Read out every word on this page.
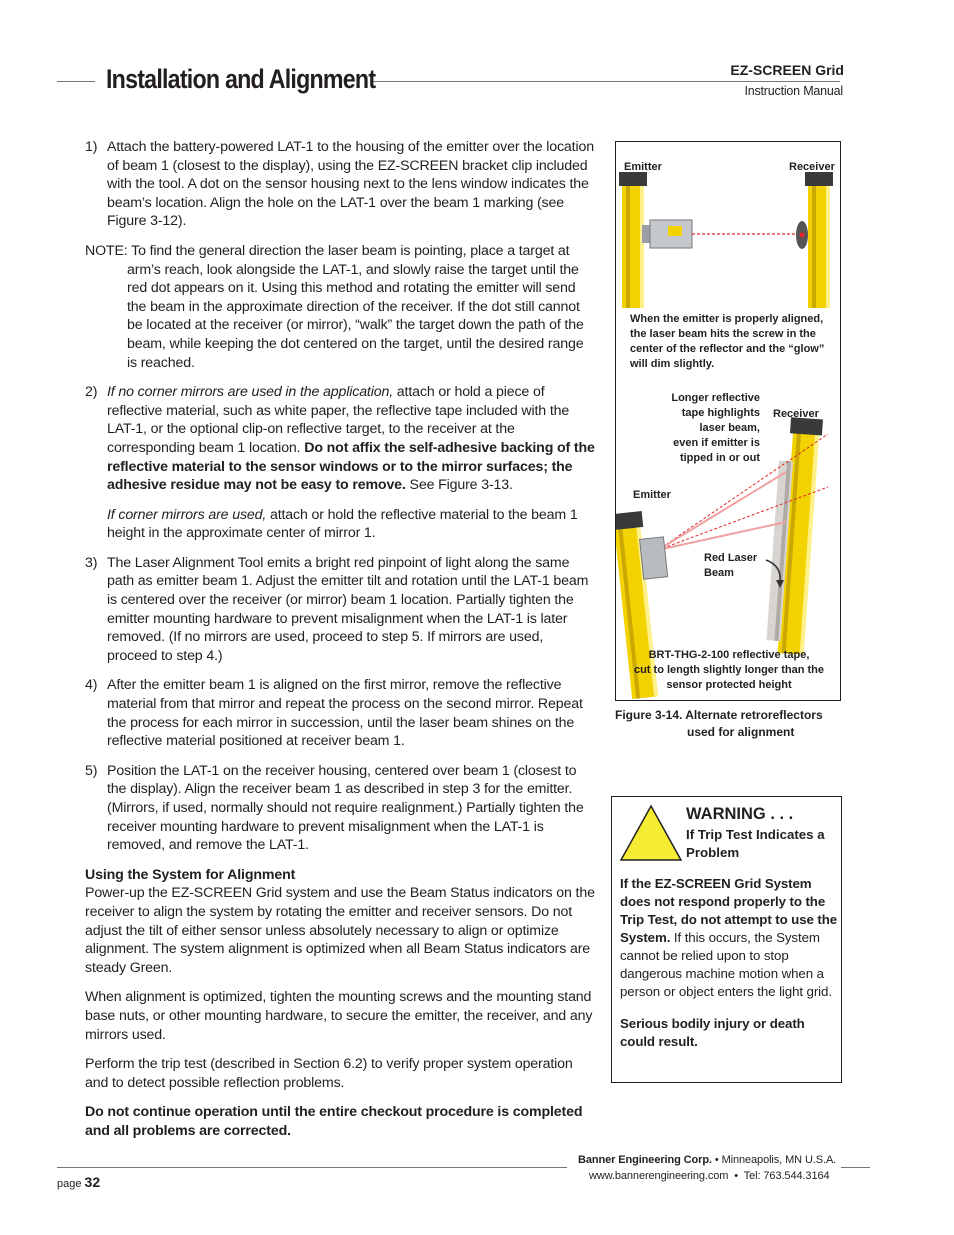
Installation and Alignment	EZ-SCREEN Grid
Instruction Manual
1) Attach the battery-powered LAT-1 to the housing of the emitter over the location of beam 1 (closest to the display), using the EZ-SCREEN bracket clip included with the tool. A dot on the sensor housing next to the lens window indicates the beam’s location. Align the hole on the LAT-1 over the beam 1 marking (see Figure 3-12).
NOTE: To find the general direction the laser beam is pointing, place a target at arm’s reach, look alongside the LAT-1, and slowly raise the target until the red dot appears on it. Using this method and rotating the emitter will send the beam in the approximate direction of the receiver. If the dot still cannot be located at the receiver (or mirror), “walk” the target down the path of the beam, while keeping the dot centered on the target, until the desired range is reached.
2) If no corner mirrors are used in the application, attach or hold a piece of reflective material, such as white paper, the reflective tape included with the LAT-1, or the optional clip-on reflective target, to the receiver at the corresponding beam 1 location. Do not affix the self-adhesive backing of the reflective material to the sensor windows or to the mirror surfaces; the adhesive residue may not be easy to remove. See Figure 3-13.
If corner mirrors are used, attach or hold the reflective material to the beam 1 height in the approximate center of mirror 1.
3) The Laser Alignment Tool emits a bright red pinpoint of light along the same path as emitter beam 1. Adjust the emitter tilt and rotation until the LAT-1 beam is centered over the receiver (or mirror) beam 1 location. Partially tighten the emitter mounting hardware to prevent misalignment when the LAT-1 is later removed. (If no mirrors are used, proceed to step 5. If mirrors are used, proceed to step 4.)
4) After the emitter beam 1 is aligned on the first mirror, remove the reflective material from that mirror and repeat the process on the second mirror. Repeat the process for each mirror in succession, until the laser beam shines on the reflective material positioned at receiver beam 1.
5) Position the LAT-1 on the receiver housing, centered over beam 1 (closest to the display). Align the receiver beam 1 as described in step 3 for the emitter. (Mirrors, if used, normally should not require realignment.) Partially tighten the receiver mounting hardware to prevent misalignment when the LAT-1 is removed, and remove the LAT-1.
Using the System for Alignment
Power-up the EZ-SCREEN Grid system and use the Beam Status indicators on the receiver to align the system by rotating the emitter and receiver sensors. Do not adjust the tilt of either sensor unless absolutely necessary to align or optimize alignment. The system alignment is optimized when all Beam Status indicators are steady Green.
When alignment is optimized, tighten the mounting screws and the mounting stand base nuts, or other mounting hardware, to secure the emitter, the receiver, and any mirrors used.
Perform the trip test (described in Section 6.2) to verify proper system operation and to detect possible reflection problems.
Do not continue operation until the entire checkout procedure is completed and all problems are corrected.
Emitter	Receiver
When the emitter is properly aligned,
the laser beam hits the screw in the
center of the reflector and the “glow”
will dim slightly.
Longer reflective
tape highlights
laser beam,
even if emitter is
tipped in or out
Receiver
Emitter
Red Laser
Beam
BRT-THG-2-100 reflective tape,
cut to length slightly longer than the
sensor protected height
Figure 3-14. Alternate retroreflectors
used for alignment
WARNING . . .
If Trip Test Indicates a Problem

If the EZ-SCREEN Grid System does not respond properly to the Trip Test, do not attempt to use the System. If this occurs, the System cannot be relied upon to stop dangerous machine motion when a person or object enters the light grid.

Serious bodily injury or death could result.

page 32
Banner Engineering Corp. • Minneapolis, MN U.S.A.
www.bannerengineering.com  •  Tel: 763.544.3164
